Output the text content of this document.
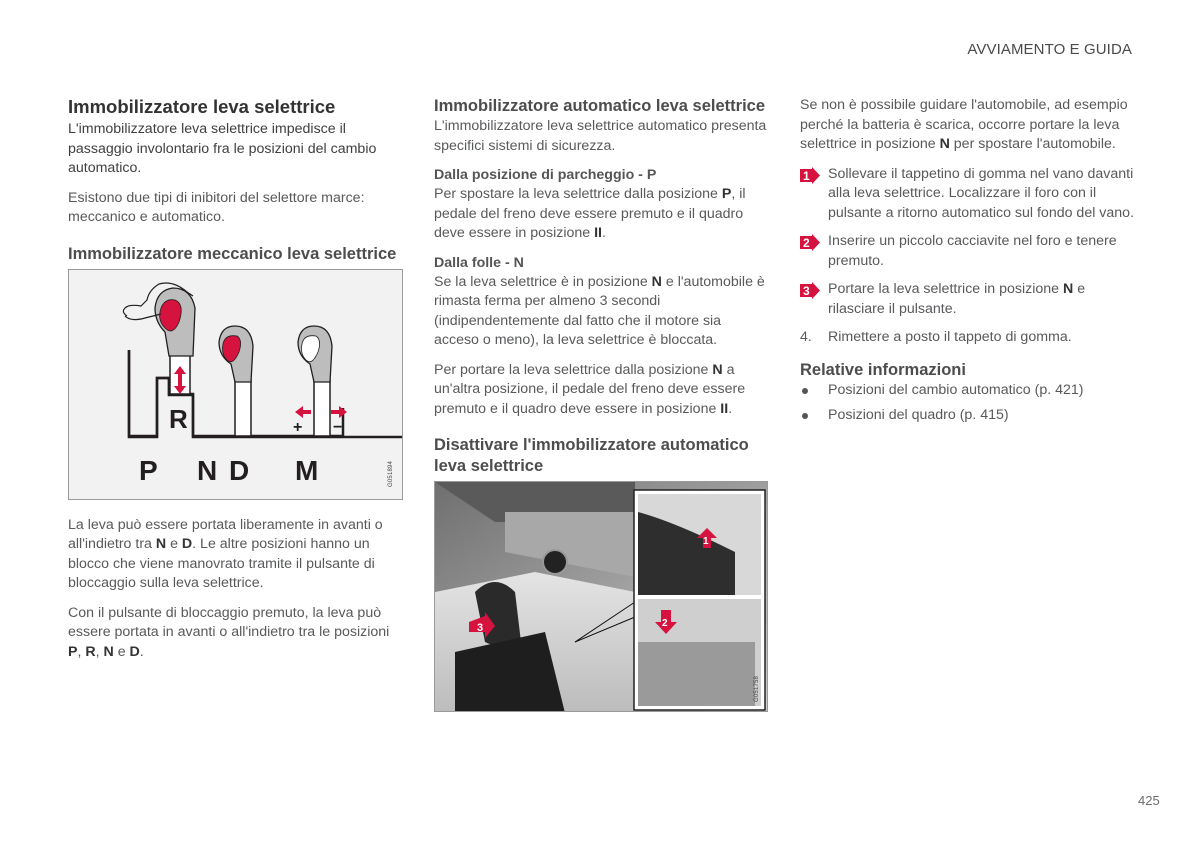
AVVIAMENTO E GUIDA
Immobilizzatore leva selettrice

L'immobilizzatore leva selettrice impedisce il passaggio involontario fra le posizioni del cambio automatico.

Esistono due tipi di inibitori del selettore marce: meccanico e automatico.

Immobilizzatore meccanico leva selettrice
R	+ −
P N D M	G051894

La leva può essere portata liberamente in avanti o all'indietro tra N e D. Le altre posizioni hanno un blocco che viene manovrato tramite il pulsante di bloccaggio sulla leva selettrice.

Con il pulsante di bloccaggio premuto, la leva può essere portata in avanti o all'indietro tra le posizioni P, R, N e D.

Immobilizzatore automatico leva selettrice

L'immobilizzatore leva selettrice automatico presenta specifici sistemi di sicurezza.

Dalla posizione di parcheggio - P

Per spostare la leva selettrice dalla posizione P, il pedale del freno deve essere premuto e il quadro deve essere in posizione II.

Dalla folle - N

Se la leva selettrice è in posizione N e l'automobile è rimasta ferma per almeno 3 secondi (indipendentemente dal fatto che il motore sia acceso o meno), la leva selettrice è bloccata.

Per portare la leva selettrice dalla posizione N a un'altra posizione, il pedale del freno deve essere premuto e il quadro deve essere in posizione II.

Disattivare l'immobilizzatore automatico leva selettrice
3
1
2
G051758

Se non è possibile guidare l'automobile, ad esempio perché la batteria è scarica, occorre portare la leva selettrice in posizione N per spostare l'automobile.

1 Sollevare il tappetino di gomma nel vano davanti alla leva selettrice. Localizzare il foro con il pulsante a ritorno automatico sul fondo del vano.
2 Inserire un piccolo cacciavite nel foro e tenere premuto.
3 Portare la leva selettrice in posizione N e rilasciare il pulsante.
4.	Rimettere a posto il tappeto di gomma.
Relative informazioni
Posizioni del cambio automatico (p. 421)
Posizioni del quadro (p. 415)
425
